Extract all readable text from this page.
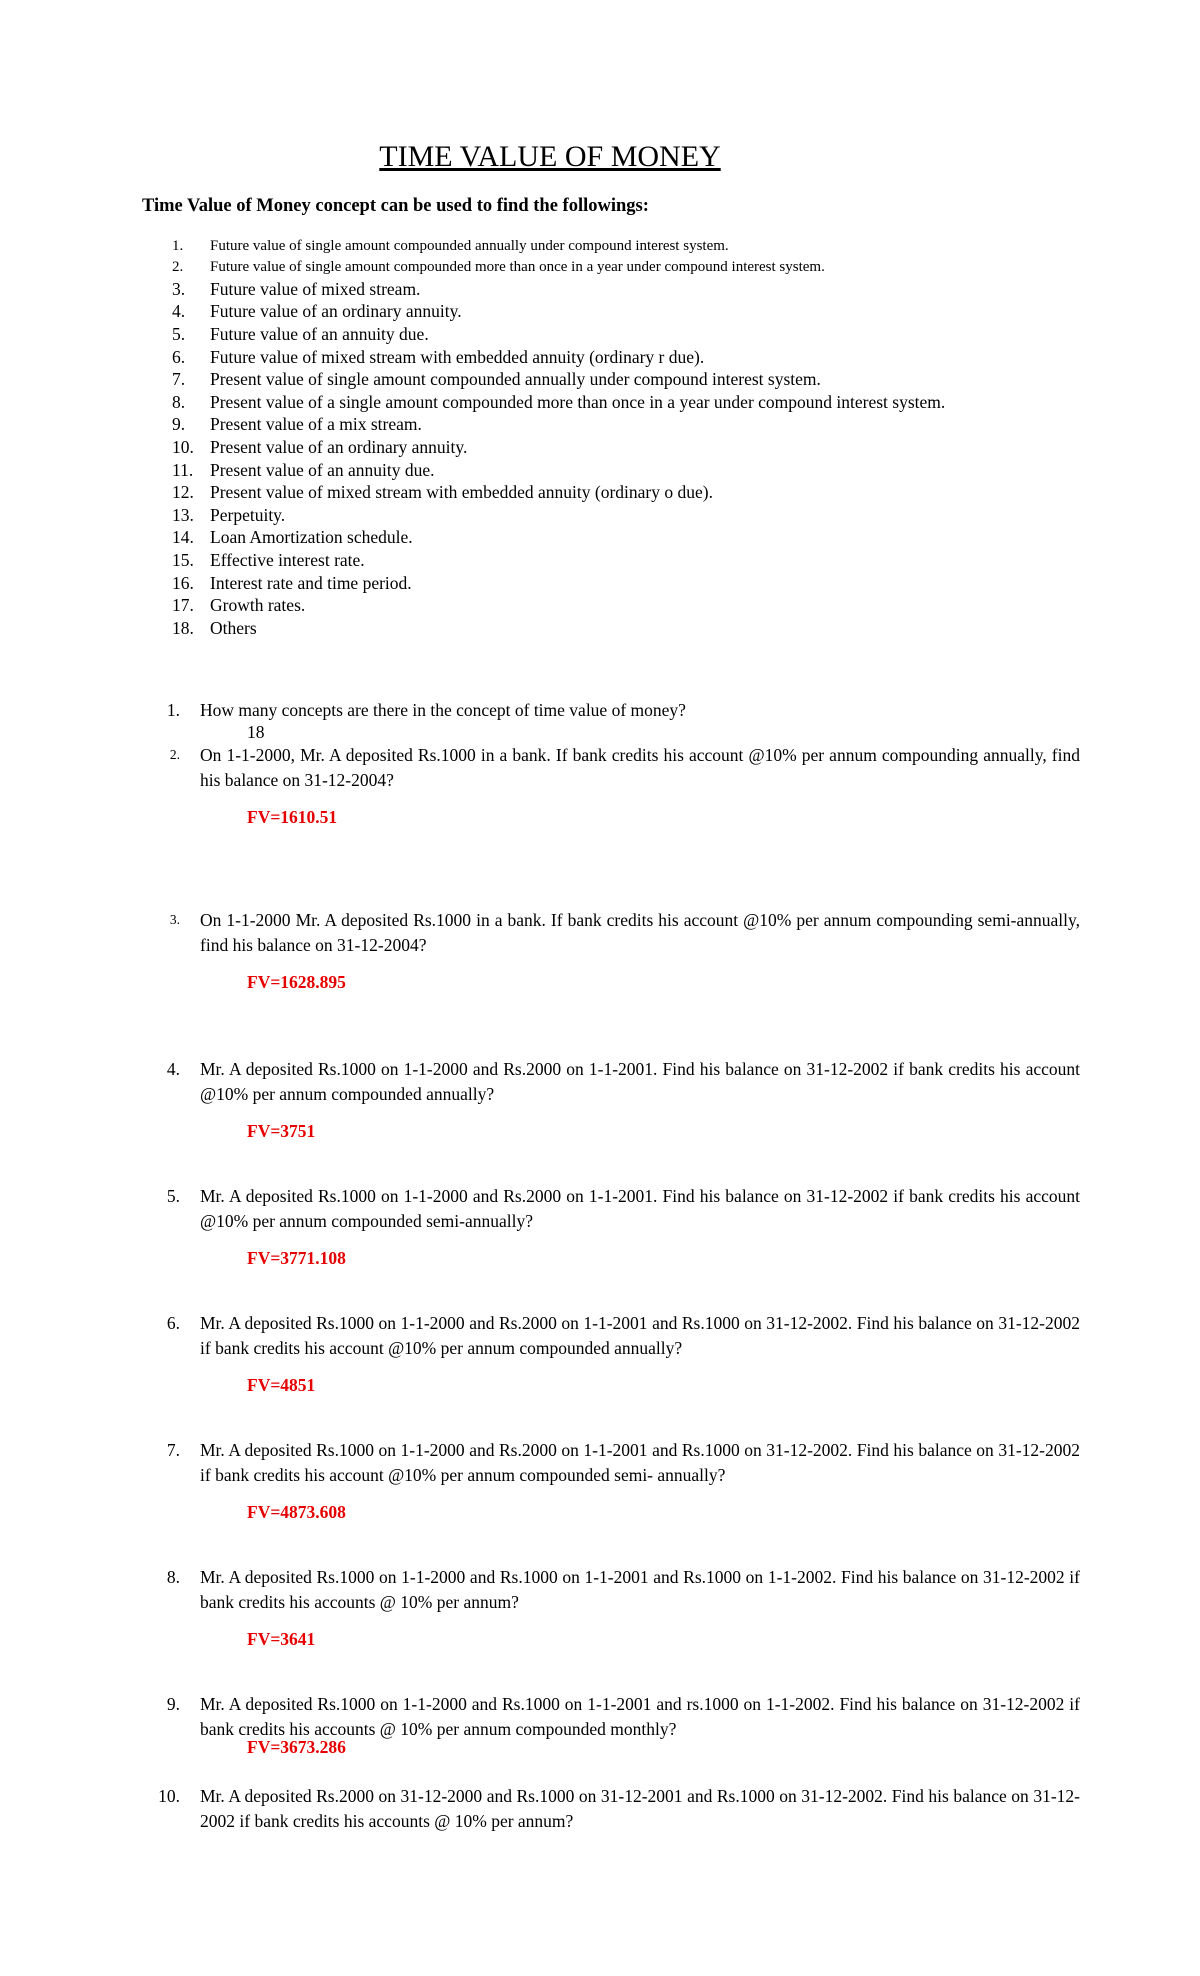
TIME VALUE OF MONEY
Time Value of Money concept can be used to find the followings:
1.	Future value of single amount compounded annually under compound interest system.
2.	Future value of single amount compounded more than once in a year under compound interest system.
3.	Future value of mixed stream.
4.	Future value of an ordinary annuity.
5.	Future value of an annuity due.
6.	Future value of mixed stream with embedded annuity (ordinary r due).
7.	Present value of single amount compounded annually under compound interest system.
8.	Present value of a single amount compounded more than once in a year under compound interest system.
9.	Present value of a mix stream.
10. Present value of an ordinary annuity.
11. Present value of an annuity due.
12. Present value of mixed stream with embedded annuity (ordinary o due).
13. Perpetuity.
14. Loan Amortization schedule.
15. Effective interest rate.
16. Interest rate and time period.
17. Growth rates.
18. Others
1. How many concepts are there in the concept of time value of money?
18
2. On 1-1-2000, Mr. A deposited Rs.1000 in a bank. If bank credits his account @10% per annum compounding annually, find his balance on 31-12-2004?
FV=1610.51
3. On 1-1-2000 Mr. A deposited Rs.1000 in a bank. If bank credits his account @10% per annum compounding semi-annually, find his balance on 31-12-2004?
FV=1628.895
4. Mr. A deposited Rs.1000 on 1-1-2000 and Rs.2000 on 1-1-2001. Find his balance on 31-12-2002 if bank credits his account @10% per annum compounded annually?
FV=3751
5. Mr. A deposited Rs.1000 on 1-1-2000 and Rs.2000 on 1-1-2001. Find his balance on 31-12-2002 if bank credits his account @10% per annum compounded semi-annually?
FV=3771.108
6. Mr. A deposited Rs.1000 on 1-1-2000 and Rs.2000 on 1-1-2001 and Rs.1000 on 31-12-2002. Find his balance on 31-12-2002 if bank credits his account @10% per annum compounded annually?
FV=4851
7. Mr. A deposited Rs.1000 on 1-1-2000 and Rs.2000 on 1-1-2001 and Rs.1000 on 31-12-2002. Find his balance on 31-12-2002 if bank credits his account @10% per annum compounded semi- annually?
FV=4873.608
8. Mr. A deposited Rs.1000 on 1-1-2000 and Rs.1000 on 1-1-2001 and Rs.1000 on 1-1-2002. Find his balance on 31-12-2002 if bank credits his accounts @ 10% per annum?
FV=3641
9. Mr. A deposited Rs.1000 on 1-1-2000 and Rs.1000 on 1-1-2001 and rs.1000 on 1-1-2002. Find his balance on 31-12-2002 if bank credits his accounts @ 10% per annum compounded monthly?
FV=3673.286
10. Mr. A deposited Rs.2000 on 31-12-2000 and Rs.1000 on 31-12-2001 and Rs.1000 on 31-12-2002. Find his balance on 31-12-2002 if bank credits his accounts @ 10% per annum?
